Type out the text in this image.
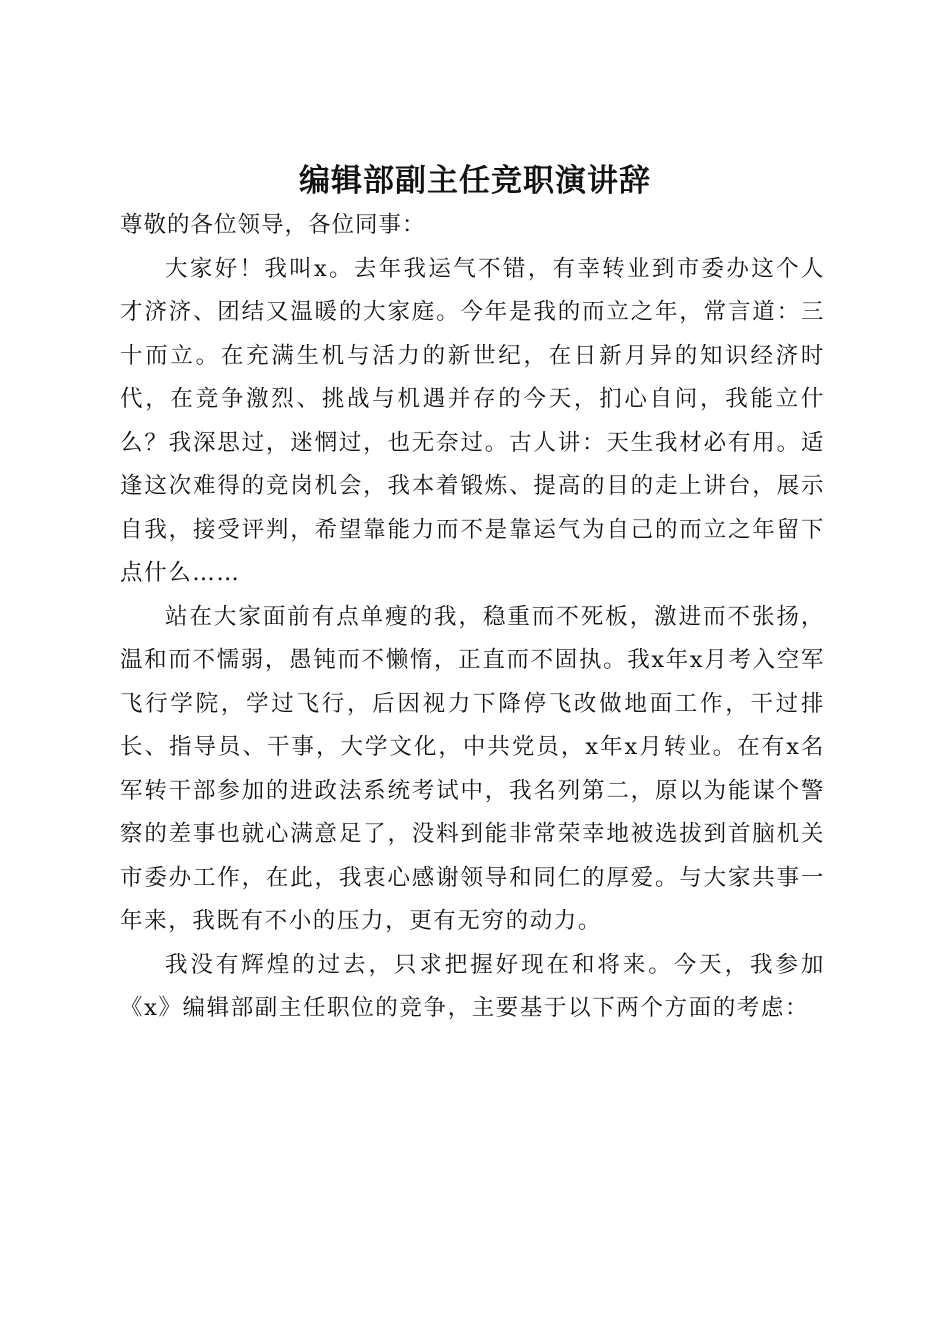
编辑部副主任竞职演讲辞

尊敬的各位领导，各位同事：

大家好！我叫x。去年我运气不错，有幸转业到市委办这个人才济济、团结又温暖的大家庭。今年是我的而立之年，常言道：三十而立。在充满生机与活力的新世纪，在日新月异的知识经济时代，在竞争激烈、挑战与机遇并存的今天，扪心自问，我能立什么？我深思过，迷惘过，也无奈过。古人讲：天生我材必有用。适逢这次难得的竞岗机会，我本着锻炼、提高的目的走上讲台，展示自我，接受评判，希望靠能力而不是靠运气为自己的而立之年留下点什么……

站在大家面前有点单瘦的我，稳重而不死板，激进而不张扬，温和而不懦弱，愚钝而不懒惰，正直而不固执。我x年x月考入空军飞行学院，学过飞行，后因视力下降停飞改做地面工作，干过排长、指导员、干事，大学文化，中共党员，x年x月转业。在有x名军转干部参加的进政法系统考试中，我名列第二，原以为能谋个警察的差事也就心满意足了，没料到能非常荣幸地被选拔到首脑机关市委办工作，在此，我衷心感谢领导和同仁的厚爱。与大家共事一年来，我既有不小的压力，更有无穷的动力。

我没有辉煌的过去，只求把握好现在和将来。今天，我参加《x》编辑部副主任职位的竞争，主要基于以下两个方面的考虑：
